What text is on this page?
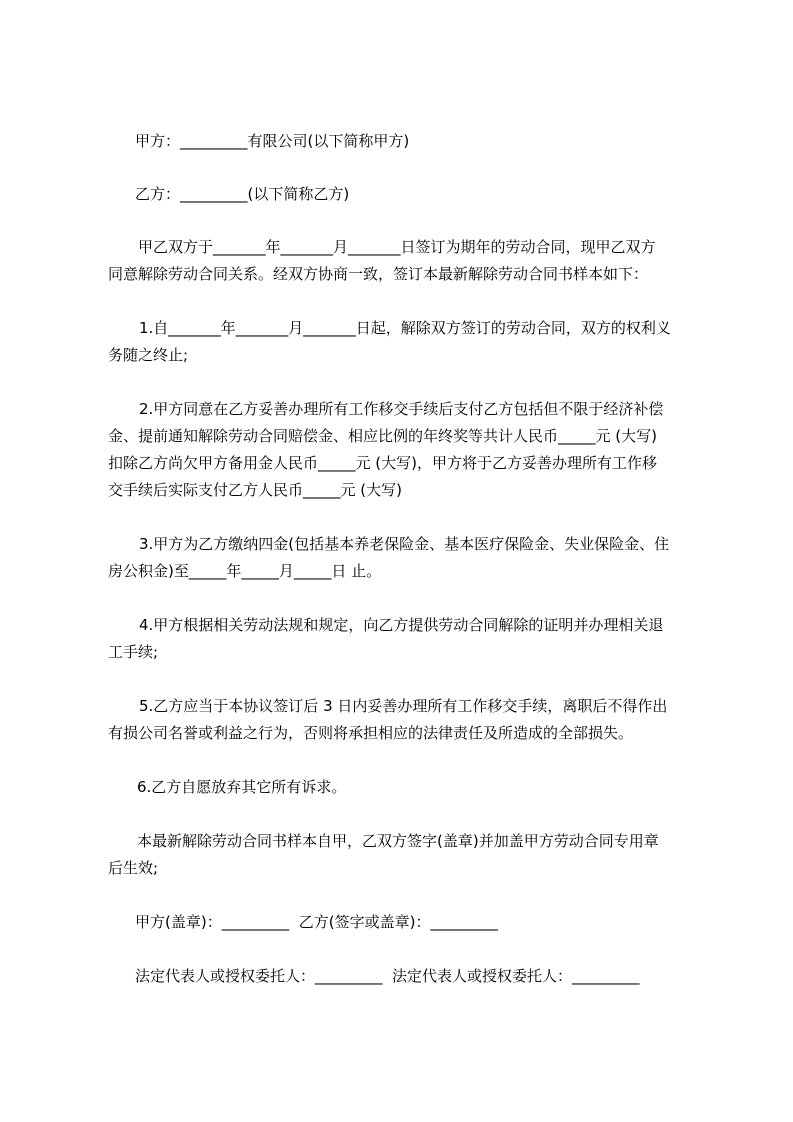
甲方：_________有限公司(以下简称甲方)
乙方：_________(以下简称乙方)
甲乙双方于_______年_______月_______日签订为期年的劳动合同，现甲乙双方
同意解除劳动合同关系。经双方协商一致，签订本最新解除劳动合同书样本如下：
1.自_______年_______月_______日起，解除双方签订的劳动合同，双方的权利义
务随之终止;
2.甲方同意在乙方妥善办理所有工作移交手续后支付乙方包括但不限于经济补偿
金、提前通知解除劳动合同赔偿金、相应比例的年终奖等共计人民币_____元 (大写)
扣除乙方尚欠甲方备用金人民币_____元 (大写)，甲方将于乙方妥善办理所有工作移
交手续后实际支付乙方人民币_____元 (大写)
3.甲方为乙方缴纳四金(包括基本养老保险金、基本医疗保险金、失业保险金、住
房公积金)至_____年_____月_____日 止。
4.甲方根据相关劳动法规和规定，向乙方提供劳动合同解除的证明并办理相关退
工手续;
5.乙方应当于本协议签订后 3 日内妥善办理所有工作移交手续，离职后不得作出
有损公司名誉或利益之行为，否则将承担相应的法律责任及所造成的全部损失。
6.乙方自愿放弃其它所有诉求。
本最新解除劳动合同书样本自甲，乙双方签字(盖章)并加盖甲方劳动合同专用章
后生效;
甲方(盖章)：_________  乙方(签字或盖章)：_________
法定代表人或授权委托人：_________  法定代表人或授权委托人：_________
